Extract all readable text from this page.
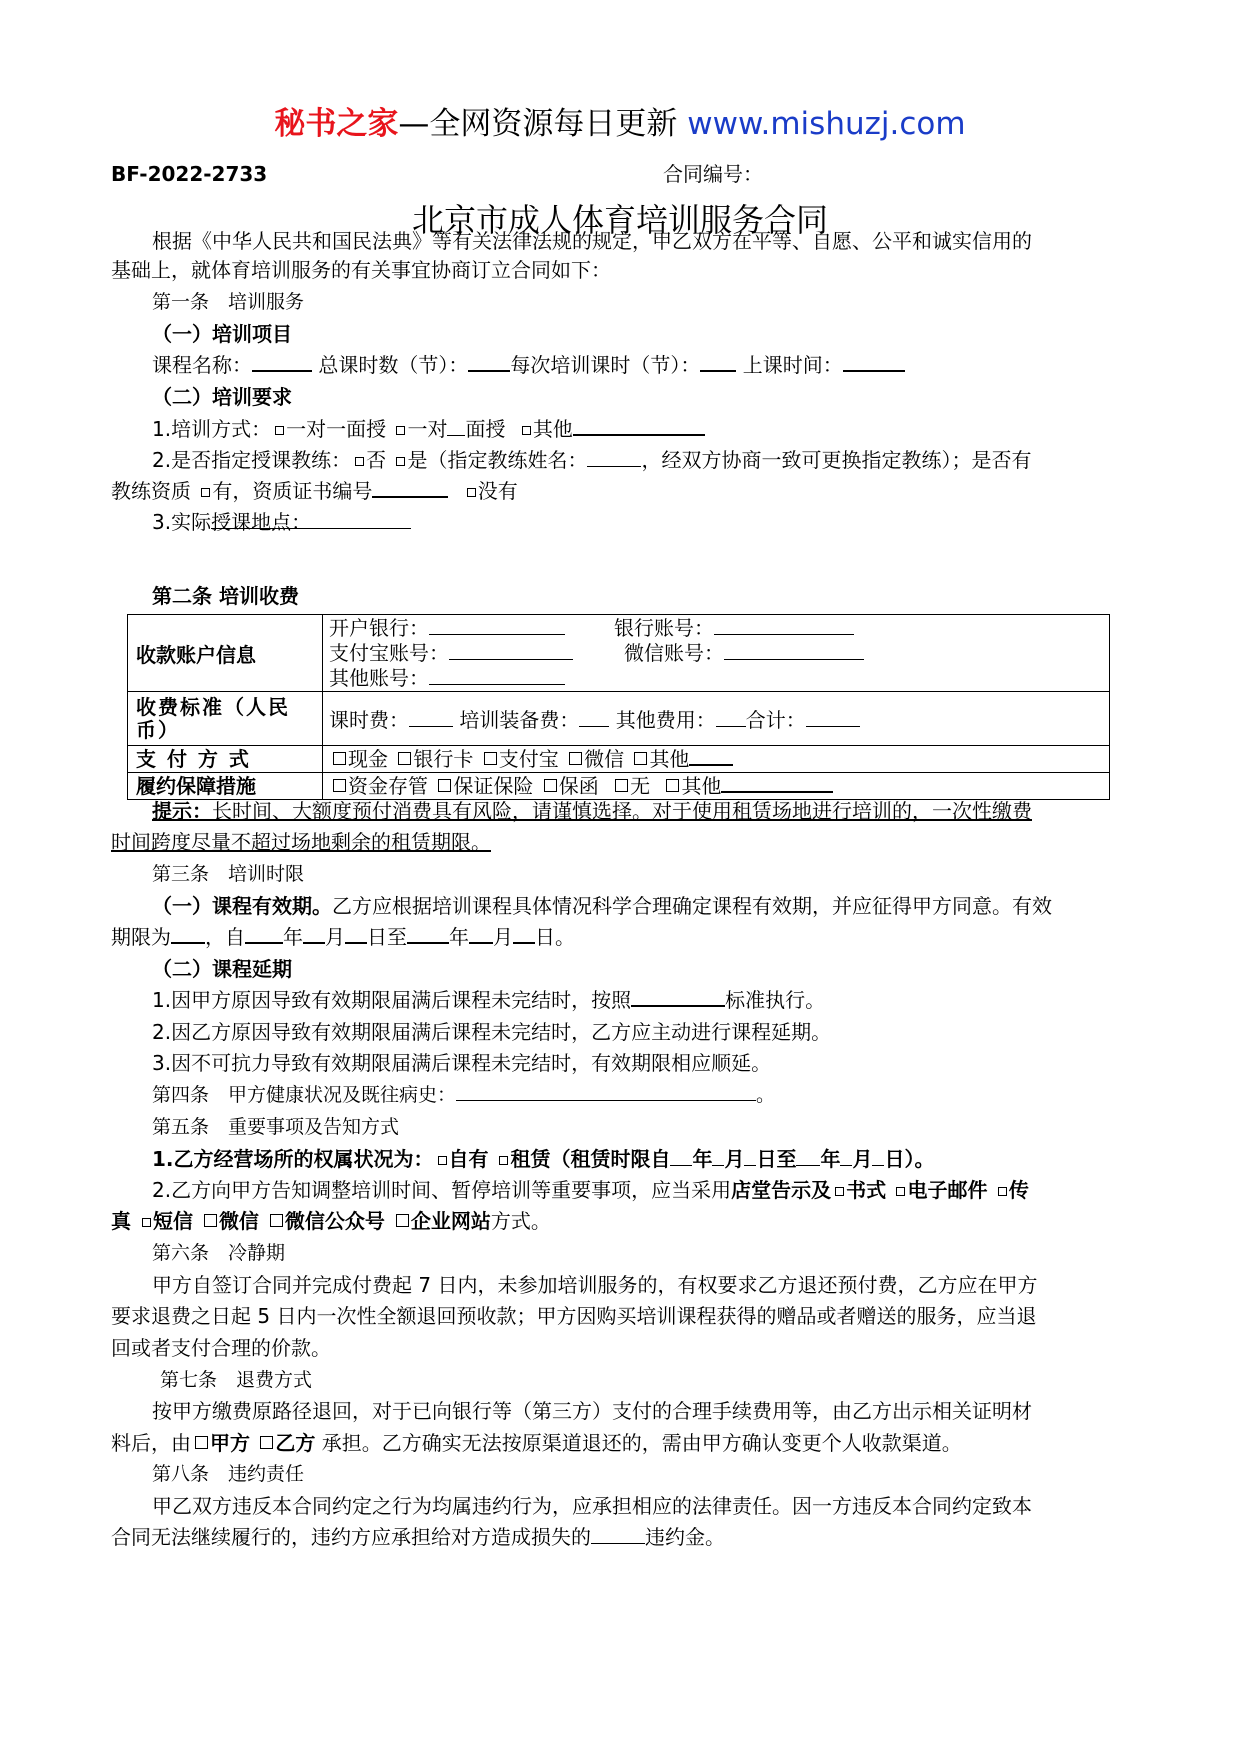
秘书之家—全网资源每日更新 www.mishuzj.com
BF-2022-2733	合同编号：
北京市成人体育培训服务合同
根据《中华人民共和国民法典》等有关法律法规的规定，甲乙双方在平等、自愿、公平和诚实信用的
基础上，就体育培训服务的有关事宜协商订立合同如下：
第一条　培训服务
（一）培训项目
课程名称：	总课时数（节）： 每次培训课时（节）： 上课时间：
（二）培训要求
1.培训方式： 一对一面授 一对 面授 其他
2.是否指定授课教练： 否 是（指定教练姓名：	，经双方协商一致可更换指定教练）；是否有
教练资质 有，资质证书编号	没有
3.实际授课地点：
第二条 培训收费
收款账户信息	开户银行： 银行账号：
支付宝账号： 微信账号：
其他账号：

收费标准（人民币）	课时费： 培训装备费： 其他费用： 合计：
支 付 方 式	现金 银行卡 支付宝 微信 其他
履约保障措施	资金存管 保证保险 保函 无 其他
提示：长时间、大额度预付消费具有风险，请谨慎选择。对于使用租赁场地进行培训的，一次性缴费
时间跨度尽量不超过场地剩余的租赁期限。
第三条　培训时限
（一）课程有效期。乙方应根据培训课程具体情况科学合理确定课程有效期，并应征得甲方同意。有效
期限为 ，自 年 月 日至 年 月 日。
（二）课程延期
1.因甲方原因导致有效期限届满后课程未完结时，按照	标准执行。
2.因乙方原因导致有效期限届满后课程未完结时，乙方应主动进行课程延期。
3.因不可抗力导致有效期限届满后课程未完结时，有效期限相应顺延。
第四条　甲方健康状况及既往病史：	。
第五条　重要事项及告知方式
1.乙方经营场所的权属状况为： 自有 租赁（租赁时限自 年 月 日至 年 月 日）。
2.乙方向甲方告知调整培训时间、暂停培训等重要事项，应当采用店堂告示及 书式 电子邮件 传
真 短信 微信 微信公众号 企业网站方式。
第六条　冷静期
甲方自签订合同并完成付费起 7 日内，未参加培训服务的，有权要求乙方退还预付费，乙方应在甲方
要求退费之日起 5 日内一次性全额退回预收款；甲方因购买培训课程获得的赠品或者赠送的服务，应当退
回或者支付合理的价款。
第七条　退费方式
按甲方缴费原路径退回，对于已向银行等（第三方）支付的合理手续费用等，由乙方出示相关证明材
料后，由 甲方 乙方 承担。乙方确实无法按原渠道退还的，需由甲方确认变更个人收款渠道。
第八条　违约责任
甲乙双方违反本合同约定之行为均属违约行为，应承担相应的法律责任。因一方违反本合同约定致本
合同无法继续履行的，违约方应承担给对方造成损失的	违约金。
